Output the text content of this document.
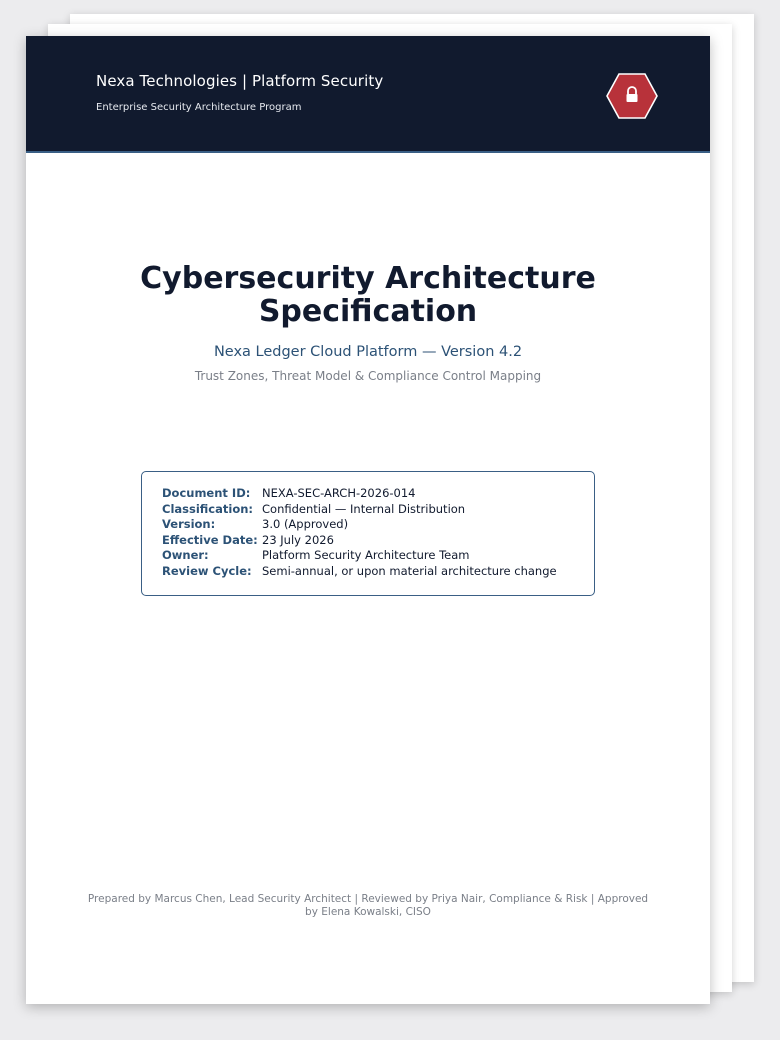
Nexa Technologies | Platform Security
Enterprise Security Architecture Program
Cybersecurity Architecture
Specification
Nexa Ledger Cloud Platform — Version 4.2
Trust Zones, Threat Model & Compliance Control Mapping
Document ID:	NEXA-SEC-ARCH-2026-014
Classification: Confidential — Internal Distribution
Version:	3.0 (Approved)
Effective Date: 23 July 2026
Owner:	Platform Security Architecture Team
Review Cycle: Semi-annual, or upon material architecture change
Prepared by Marcus Chen, Lead Security Architect | Reviewed by Priya Nair, Compliance & Risk | Approved by Elena Kowalski, CISO
